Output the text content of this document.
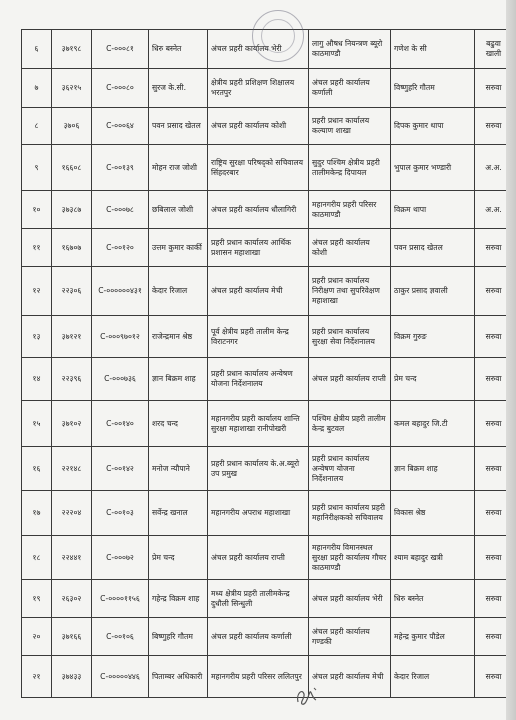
६	३७१९८	C-०००८१	धिरु बस्नेत	अंचल प्रहरी कार्यालय भेरी	लागु औषध नियन्त्रण ब्यूरो काठमाण्डौ	गणेश के सी	बढुवा खाली
७	३६२१५	C-०००८०	सुरज के.सी.	क्षेत्रीय प्रहरी प्रशिक्षण शिक्षालय भरतपुर	अंचल प्रहरी कार्यालय कर्णाली	विष्णुहरि गौतम	सरुवा
८	३७०६	C-०००६४	पवन प्रसाद खेतल	अंचल प्रहरी कार्यालय कोशी	प्रहरी प्रधान कार्यालय कल्याण शाखा	दिपक कुमार थापा	सरुवा
९	१६६०८	C-००१३९	मोहन राज जोशी	राष्ट्रिय सुरक्षा परिषद्को सचिवालय सिंहदरबार	सुदुर पश्चिम क्षेत्रीय प्रहरी तालीमकेन्द्र दिपायल	भुपाल कुमार भण्डारी	अ.अ.
१०	३७३८७	C-०००७८	छबिलाल जोशी	अंचल प्रहरी कार्यालय धौलागिरी	महानगरीय प्रहरी परिसर काठमाण्डौ	विक्रम थापा	अ.अ.
११	१६७०७	C-००१२०	उत्तम कुमार कार्की	प्रहरी प्रधान कार्यालय आर्थिक प्रशासन महाशाखा	अंचल प्रहरी कार्यालय कोशी	पवन प्रसाद खेतल	सरुवा
१२	२२३०६	C-००००००४३१	केदार रिजाल	अंचल प्रहरी कार्यालय मेची	प्रहरी प्रधान कार्यालय निरीक्षण तथा सुपरिवेक्षण महाशाखा	ठाकुर प्रसाद ज्ञवाली	सरुवा
१३	३७१२१	C-०००९७०१२	राजेन्द्रमान श्रेष्ठ	पूर्व क्षेत्रीय प्रहरी तालीम केन्द्र विराटनगर	प्रहरी प्रधान कार्यालय सुरक्षा सेवा निर्देशनालय	विक्रम गुरुङ	सरुवा
१४	२२३९६	C-०००७३६	ज्ञान बिक्रम शाह	प्रहरी प्रधान कार्यालय अन्वेषण योजना निर्देशनालय	अंचल प्रहरी कार्यालय राप्ती	प्रेम चन्द	सरुवा
१५	३७१०२	C-००१४०	शरद चन्द	महानगरीय प्रहरी कार्यालय शान्ति सुरक्षा महाशाखा रानीपोखरी	पश्चिम क्षेत्रीय प्रहरी तालीम केन्द्र बुटवल	कमल बहादुर जि.टी	सरुवा
१६	२२१४८	C-००१४२	मनोज न्यौपाने	प्रहरी प्रधान कार्यालय के.अ.ब्यूरो उप प्रमुख	प्रहरी प्रधान कार्यालय अन्वेषण योजना निर्देशनालय	ज्ञान बिक्रम शाह	सरुवा
१७	२२२०४	C-००१०३	सर्वेन्द्र खनाल	महानगरीय अपराध महाशाखा	प्रहरी प्रधान कार्यालय प्रहरी महानिरीक्षकको सचिवालय	विकास श्रेष्ठ	सरुवा
१८	२२४४१	C-०००७२	प्रेम चन्द	अंचल प्रहरी कार्यालय राप्ती	महानगरीय विमानस्थल सुरक्षा प्रहरी कार्यालय गौचर काठमाण्डौ	श्याम बहादुर खत्री	सरुवा
१९	२६३०२	C-००००११५६	गहेन्द्र विक्रम शाह	मध्य क्षेत्रीय प्रहरी तालीमकेन्द्र दुधौली सिन्धुली	अंचल प्रहरी कार्यालय भेरी	धिरु बस्नेत	सरुवा
२०	३७१६६	C-००१०६	बिष्णुहरि गौतम	अंचल प्रहरी कार्यालय कर्णाली	अंचल प्रहरी कार्यालय गण्डकी	महेन्द्र कुमार पौडेल	सरुवा
२१	३७४३३	C-०००००४४६	पिताम्बर अधिकारी	महानगरीय प्रहरी परिसर ललितपुर	अंचल प्रहरी कार्यालय मेची	केदार रिजाल	सरुवा
